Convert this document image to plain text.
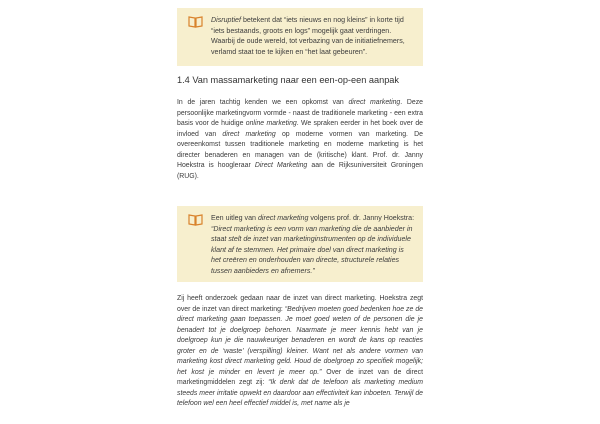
Disruptief betekent dat “iets nieuws en nog kleins” in korte tijd “iets bestaands, groots en logs” mogelijk gaat verdringen. Waarbij de oude wereld, tot verbazing van de initiatiefnemers, verlamd staat toe te kijken en “het laat gebeuren”.

1.4 Van massamarketing naar een een-op-een aanpak

In de jaren tachtig kenden we een opkomst van direct marketing. Deze persoonlijke marketingvorm vormde - naast de traditionele marketing - een extra basis voor de huidige online marketing. We spraken eerder in het boek over de invloed van direct marketing op moderne vormen van marketing. De overeenkomst tussen traditionele marketing en moderne marketing is het directer benaderen en managen van de (kritische) klant. Prof. dr. Janny Hoekstra is hoogleraar Direct Marketing aan de Rijksuniversiteit Groningen (RUG).

Een uitleg van direct marketing volgens prof. dr. Janny Hoekstra: “Direct marketing is een vorm van marketing die de aanbieder in staat stelt de inzet van marketinginstrumenten op de individuele klant af te stemmen. Het primaire doel van direct marketing is het creëren en onderhouden van directe, structurele relaties tussen aanbieders en afnemers.”

Zij heeft onderzoek gedaan naar de inzet van direct marketing. Hoekstra zegt over de inzet van direct marketing: “Bedrijven moeten goed bedenken hoe ze de direct marketing gaan toepassen. Je moet goed weten of de personen die je benadert tot je doelgroep behoren. Naarmate je meer kennis hebt van je doelgroep kun je die nauwkeuriger benaderen en wordt de kans op reacties groter en de ‘waste’ (verspilling) kleiner. Want net als andere vormen van marketing kost direct marketing geld. Houd de doelgroep zo specifiek mogelijk; het kost je minder en levert je meer op.” Over de inzet van de direct marketingmiddelen zegt zij: “Ik denk dat de telefoon als marketing medium steeds meer irritatie opwekt en daardoor aan effectiviteit kan inboeten. Terwijl de telefoon wel een heel effectief middel is, met name als je
